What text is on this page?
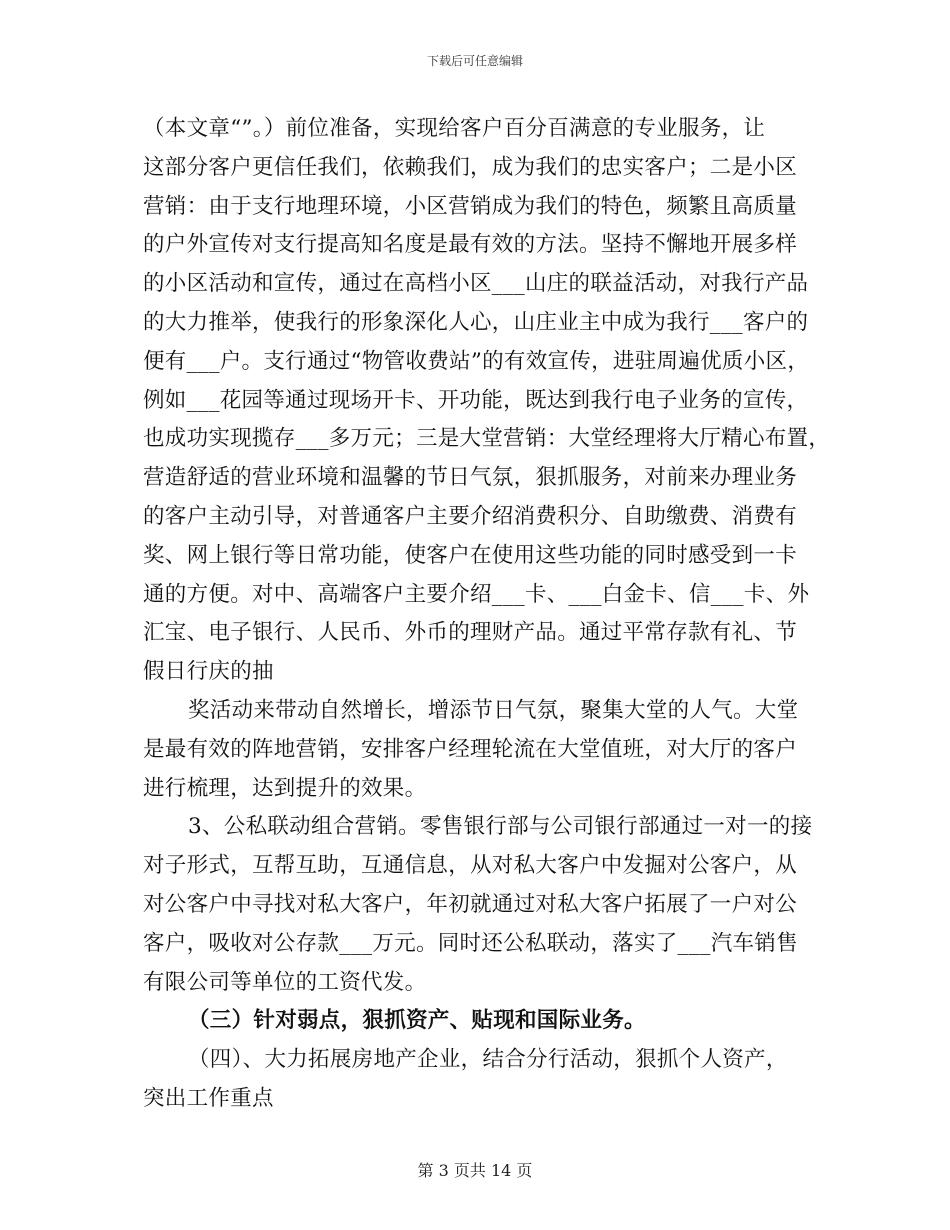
下载后可任意编辑
（本文章“”。）前位准备，实现给客户百分百满意的专业服务，让
这部分客户更信任我们，依赖我们，成为我们的忠实客户；二是小区
营销：由于支行地理环境，小区营销成为我们的特色，频繁且高质量
的户外宣传对支行提高知名度是最有效的方法。坚持不懈地开展多样
的小区活动和宣传，通过在高档小区___山庄的联益活动，对我行产品
的大力推举，使我行的形象深化人心，山庄业主中成为我行___客户的
便有___户。支行通过“物管收费站”的有效宣传，进驻周遍优质小区，
例如___花园等通过现场开卡、开功能，既达到我行电子业务的宣传，
也成功实现揽存___多万元；三是大堂营销：大堂经理将大厅精心布置，
营造舒适的营业环境和温馨的节日气氛，狠抓服务，对前来办理业务
的客户主动引导，对普通客户主要介绍消费积分、自助缴费、消费有
奖、网上银行等日常功能，使客户在使用这些功能的同时感受到一卡
通的方便。对中、高端客户主要介绍___卡、___白金卡、信___卡、外
汇宝、电子银行、人民币、外币的理财产品。通过平常存款有礼、节
假日行庆的抽
奖活动来带动自然增长，增添节日气氛，聚集大堂的人气。大堂
是最有效的阵地营销，安排客户经理轮流在大堂值班，对大厅的客户
进行梳理，达到提升的效果。
3、公私联动组合营销。零售银行部与公司银行部通过一对一的接
对子形式，互帮互助，互通信息，从对私大客户中发掘对公客户，从
对公客户中寻找对私大客户，年初就通过对私大客户拓展了一户对公
客户，吸收对公存款___万元。同时还公私联动，落实了___汽车销售
有限公司等单位的工资代发。
（三）针对弱点，狠抓资产、贴现和国际业务。
（四）、大力拓展房地产企业，结合分行活动，狠抓个人资产，
突出工作重点
第 3 页共 14 页
